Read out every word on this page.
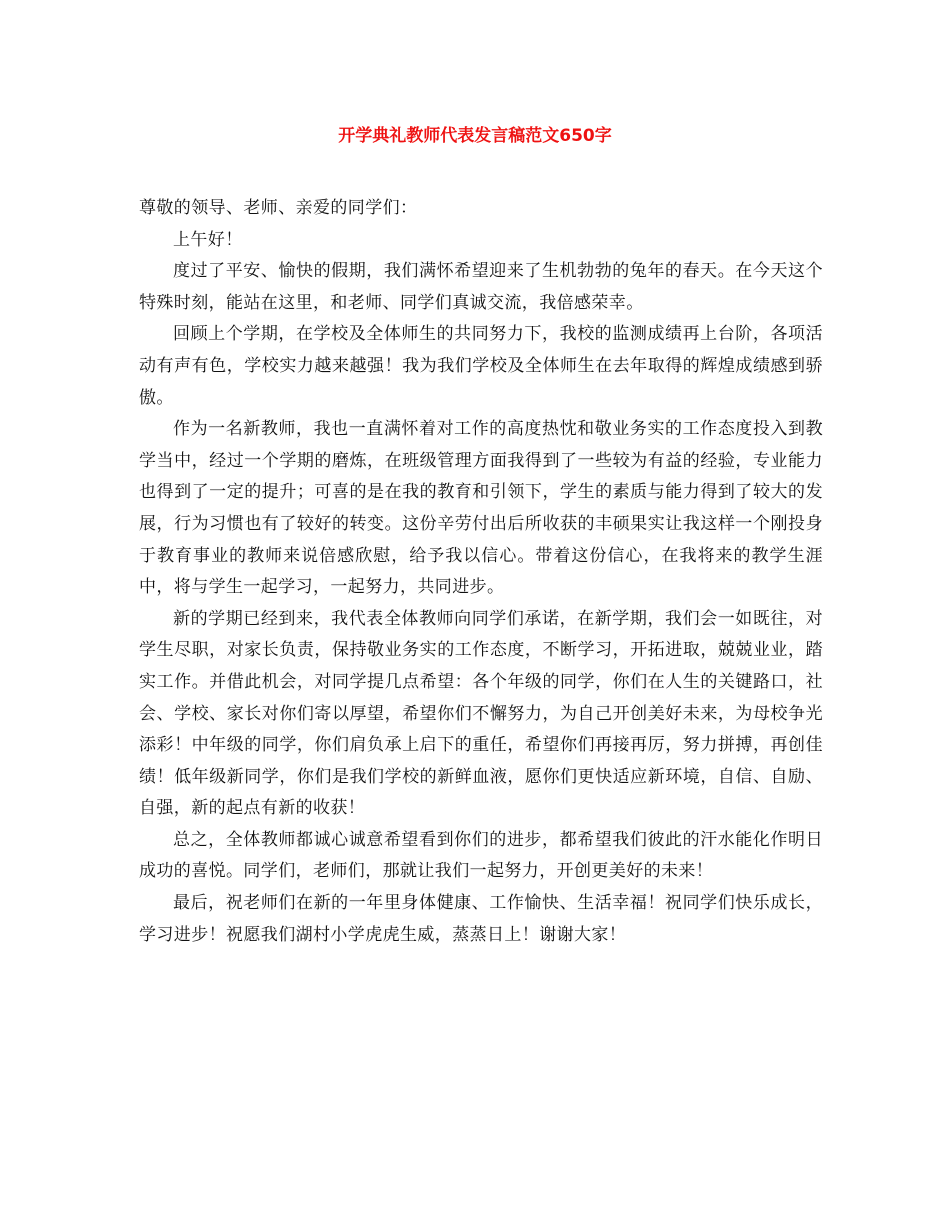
开学典礼教师代表发言稿范文650字

尊敬的领导、老师、亲爱的同学们：

上午好！

度过了平安、愉快的假期，我们满怀希望迎来了生机勃勃的兔年的春天。在今天这个特殊时刻，能站在这里，和老师、同学们真诚交流，我倍感荣幸。

回顾上个学期，在学校及全体师生的共同努力下，我校的监测成绩再上台阶，各项活动有声有色，学校实力越来越强！我为我们学校及全体师生在去年取得的辉煌成绩感到骄傲。

作为一名新教师，我也一直满怀着对工作的高度热忱和敬业务实的工作态度投入到教学当中，经过一个学期的磨炼，在班级管理方面我得到了一些较为有益的经验，专业能力也得到了一定的提升；可喜的是在我的教育和引领下，学生的素质与能力得到了较大的发展，行为习惯也有了较好的转变。这份辛劳付出后所收获的丰硕果实让我这样一个刚投身于教育事业的教师来说倍感欣慰，给予我以信心。带着这份信心，在我将来的教学生涯中，将与学生一起学习，一起努力，共同进步。

新的学期已经到来，我代表全体教师向同学们承诺，在新学期，我们会一如既往，对学生尽职，对家长负责，保持敬业务实的工作态度，不断学习，开拓进取，兢兢业业，踏实工作。并借此机会，对同学提几点希望：各个年级的同学，你们在人生的关键路口，社会、学校、家长对你们寄以厚望，希望你们不懈努力，为自己开创美好未来，为母校争光添彩！中年级的同学，你们肩负承上启下的重任，希望你们再接再厉，努力拼搏，再创佳绩！低年级新同学，你们是我们学校的新鲜血液，愿你们更快适应新环境，自信、自励、自强，新的起点有新的收获！

总之，全体教师都诚心诚意希望看到你们的进步，都希望我们彼此的汗水能化作明日成功的喜悦。同学们，老师们，那就让我们一起努力，开创更美好的未来！

最后，祝老师们在新的一年里身体健康、工作愉快、生活幸福！祝同学们快乐成长，学习进步！祝愿我们湖村小学虎虎生威，蒸蒸日上！谢谢大家！
